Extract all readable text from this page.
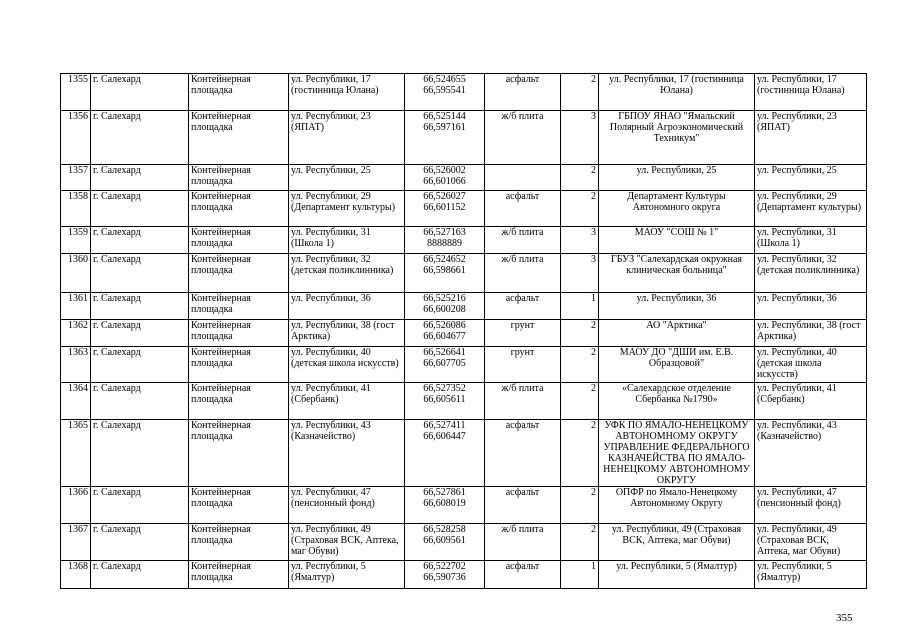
1355	г. Салехард	Контейнерная площадка	ул. Республики, 17 (гостинница Юлана)	66,524655 66,595541	асфальт	2	ул. Республики, 17 (гостинница Юлана)	ул. Республики, 17 (гостинница Юлана)
1356	г. Салехард	Контейнерная площадка	ул. Республики, 23 (ЯПАТ)	66,525144 66,597161	ж/б плита	3	ГБПОУ ЯНАО "Ямальский Полярный Агроэкономический Техникум"	ул. Республики, 23 (ЯПАТ)
1357	г. Салехард	Контейнерная площадка	ул. Республики, 25	66,526002 66,601066		2	ул. Республики, 25	ул. Республики, 25
1358	г. Салехард	Контейнерная площадка	ул. Республики, 29 (Департамент культуры)	66,526027 66,601152	асфальт	2	Департамент Культуры Автономного округа	ул. Республики, 29 (Департамент культуры)
1359	г. Салехард	Контейнерная площадка	ул. Республики, 31 (Школа 1)	66,527163 8888889	ж/б плита	3	МАОУ "СОШ № 1"	ул. Республики, 31 (Школа 1)
1360	г. Салехард	Контейнерная площадка	ул. Республики, 32 (детская поликлинника)	66,524652 66,598661	ж/б плита	3	ГБУЗ "Салехардская окружная клиническая больница"	ул. Республики, 32 (детская поликлинника)
1361	г. Салехард	Контейнерная площадка	ул. Республики, 36	66,525216 66,600208	асфальт	1	ул. Республики, 36	ул. Республики, 36
1362	г. Салехард	Контейнерная площадка	ул. Республики, 38 (гост Арктика)	66,526086 66,604677	грунт	2	АО "Арктика"	ул. Республики, 38 (гост Арктика)
1363	г. Салехард	Контейнерная площадка	ул. Республики, 40 (детская школа искусств)	66,526641 66,607705	грунт	2	МАОУ ДО "ДШИ им. Е.В. Образцовой"	ул. Республики, 40 (детская школа искусств)
1364	г. Салехард	Контейнерная площадка	ул. Республики, 41 (Сбербанк)	66,527352 66,605611	ж/б плита	2	«Салехардское отделение Сбербанка №1790»	ул. Республики, 41 (Сбербанк)
1365	г. Салехард	Контейнерная площадка	ул. Республики, 43 (Казначейство)	66,527411 66,606447	асфальт	2	УФК ПО ЯМАЛО-НЕНЕЦКОМУ АВТОНОМНОМУ ОКРУГУ УПРАВЛЕНИЕ ФЕДЕРАЛЬНОГО КАЗНАЧЕЙСТВА ПО ЯМАЛО-НЕНЕЦКОМУ АВТОНОМНОМУ ОКРУГУ	ул. Республики, 43 (Казначейство)
1366	г. Салехард	Контейнерная площадка	ул. Республики, 47 (пенсионный фонд)	66,527861 66,608019	асфальт	2	ОПФР по Ямало-Ненецкому Автономному Округу	ул. Республики, 47 (пенсионный фонд)
1367	г. Салехард	Контейнерная площадка	ул. Республики, 49 (Страховая ВСК, Аптека, маг Обуви)	66,528258 66,609561	ж/б плита	2	ул. Республики, 49 (Страховая ВСК, Аптека, маг Обуви)	ул. Республики, 49 (Страховая ВСК, Аптека, маг Обуви)
1368	г. Салехард	Контейнерная площадка	ул. Республики, 5 (Ямалтур)	66,522702 66,590736	асфальт	1	ул. Республики, 5 (Ямалтур)	ул. Республики, 5 (Ямалтур)
355
